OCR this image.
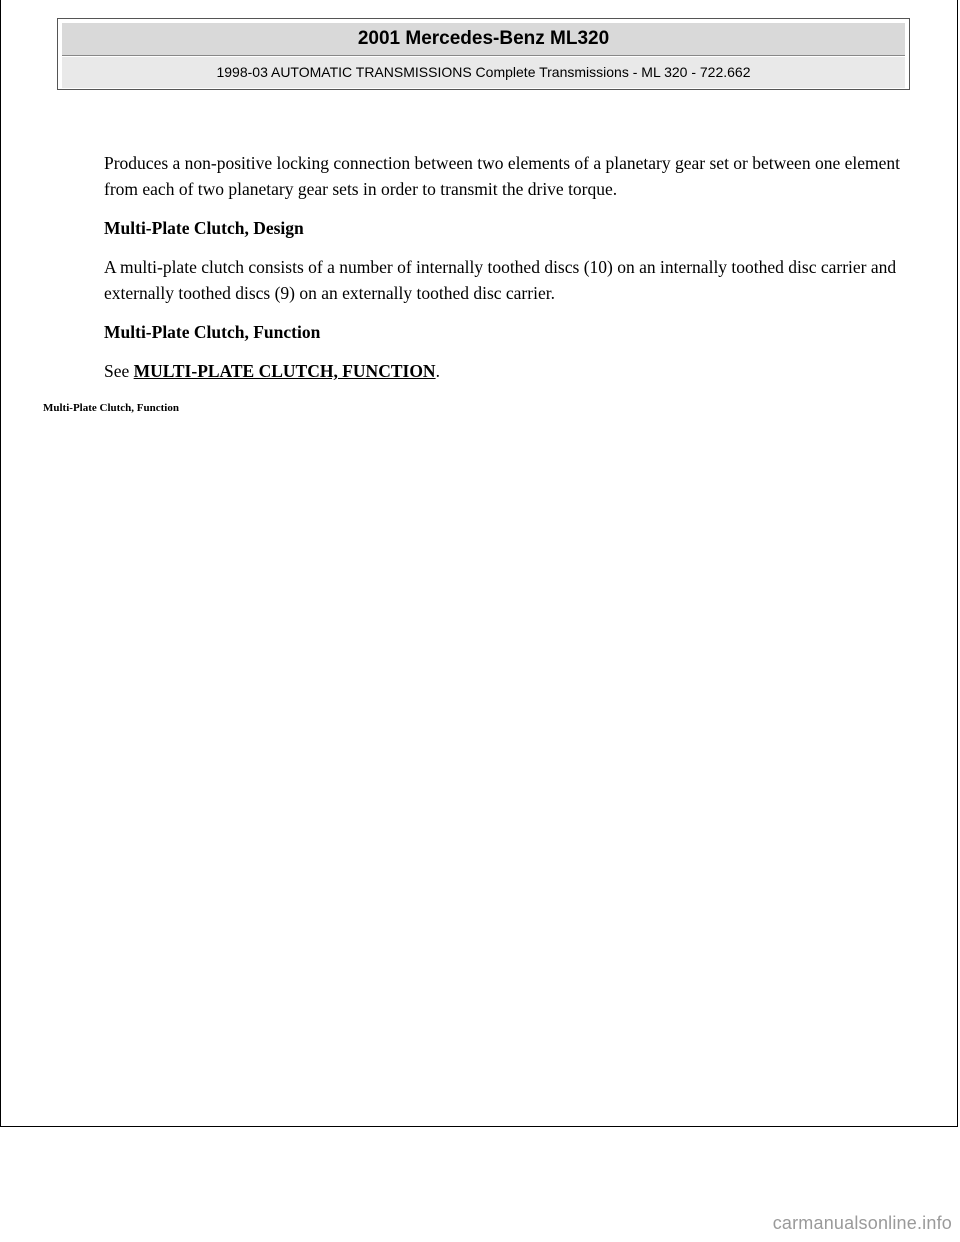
2001 Mercedes-Benz ML320
1998-03 AUTOMATIC TRANSMISSIONS Complete Transmissions - ML 320 - 722.662

Produces a non-positive locking connection between two elements of a planetary gear set or between one element from each of two planetary gear sets in order to transmit the drive torque.

Multi-Plate Clutch, Design

A multi-plate clutch consists of a number of internally toothed discs (10) on an internally toothed disc carrier and externally toothed discs (9) on an externally toothed disc carrier.

Multi-Plate Clutch, Function

See MULTI-PLATE CLUTCH, FUNCTION.

Multi-Plate Clutch, Function
carmanualsonline.info
